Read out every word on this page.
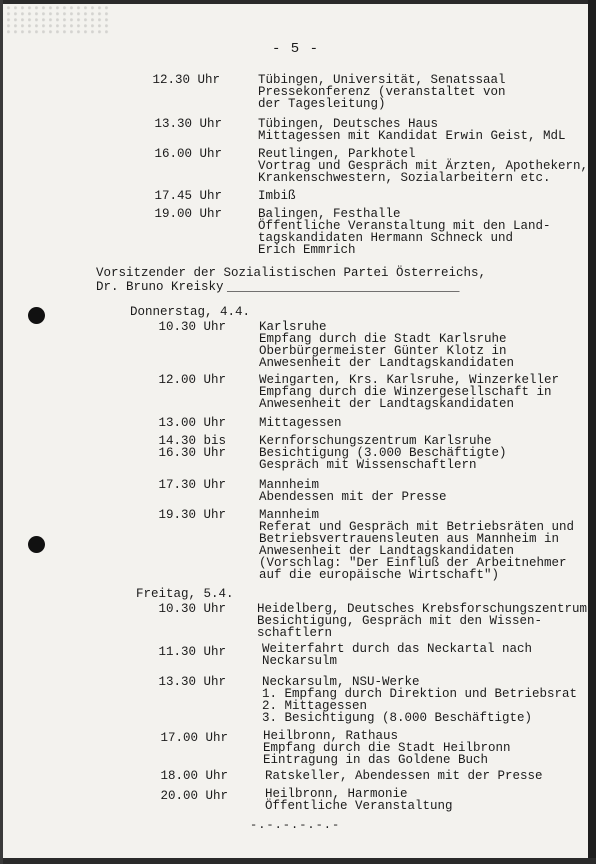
- 5 -
12.30 Uhr	Tübingen, Universität, Senatssaal
Pressekonferenz (veranstaltet von
der Tagesleitung)
13.30 Uhr	Tübingen, Deutsches Haus
Mittagessen mit Kandidat Erwin Geist, MdL
16.00 Uhr	Reutlingen, Parkhotel
Vortrag und Gespräch mit Ärzten, Apothekern,
Krankenschwestern, Sozialarbeitern etc.
17.45 Uhr	Imbiß
19.00 Uhr	Balingen, Festhalle
Öffentliche Veranstaltung mit den Land-
tagskandidaten Hermann Schneck und
Erich Emmrich
Vorsitzender der Sozialistischen Partei Österreichs,
Dr. Bruno Kreisky _______________________________
Donnerstag, 4.4.
10.30 Uhr	Karlsruhe
Empfang durch die Stadt Karlsruhe
Oberbürgermeister Günter Klotz in
Anwesenheit der Landtagskandidaten
12.00 Uhr	Weingarten, Krs. Karlsruhe, Winzerkeller
Empfang durch die Winzergesellschaft in
Anwesenheit der Landtagskandidaten
13.00 Uhr	Mittagessen
14.30 bis
16.30 Uhr
Kernforschungszentrum Karlsruhe
Besichtigung (3.000 Beschäftigte)
Gespräch mit Wissenschaftlern
17.30 Uhr	Mannheim
Abendessen mit der Presse
19.30 Uhr	Mannheim
Referat und Gespräch mit Betriebsräten und
Betriebsvertrauensleuten aus Mannheim in
Anwesenheit der Landtagskandidaten
(Vorschlag: "Der Einfluß der Arbeitnehmer
auf die europäische Wirtschaft")
Freitag, 5.4.
10.30 Uhr Heidelberg, Deutsches Krebsforschungszentrum
Besichtigung, Gespräch mit den Wissen-
schaftlern
11.30 Uhr	Weiterfahrt durch das Neckartal nach
Neckarsulm
13.30 Uhr	Neckarsulm, NSU-Werke
1. Empfang durch Direktion und Betriebsrat
2. Mittagessen
3. Besichtigung (8.000 Beschäftigte)
17.00 Uhr	Heilbronn, Rathaus
Empfang durch die Stadt Heilbronn
Eintragung in das Goldene Buch
18.00 Uhr	Ratskeller, Abendessen mit der Presse
20.00 Uhr	Heilbronn, Harmonie
Öffentliche Veranstaltung
-.-.-.-.-.-
